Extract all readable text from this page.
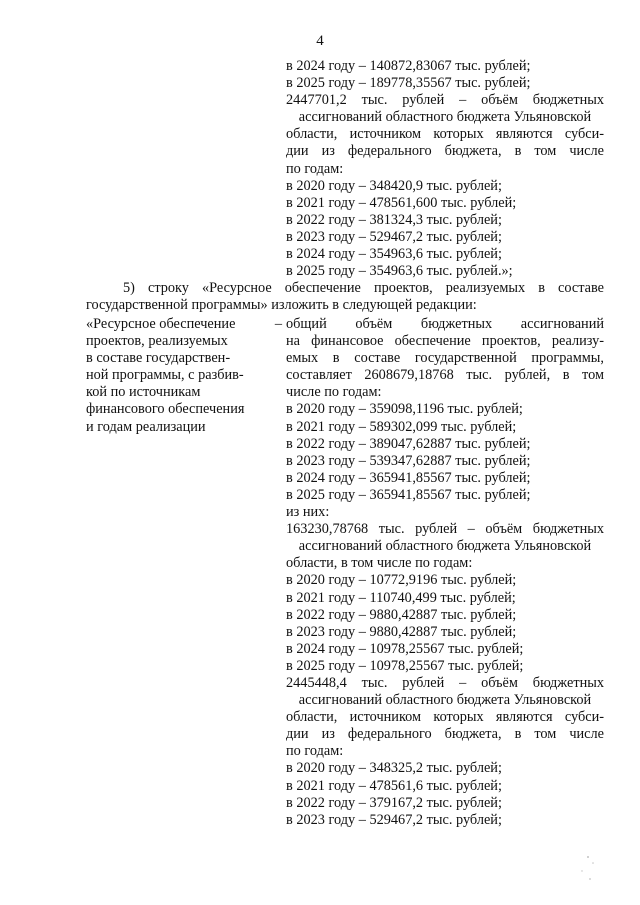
4
в 2024 году – 140872,83067 тыс. рублей;
в 2025 году – 189778,35567 тыс. рублей;
2447701,2 тыс. рублей – объём бюджетных
ассигнований областного бюджета Ульяновской
области, источником которых являются субси-
дии из федерального бюджета, в том числе
по годам:
в 2020 году – 348420,9 тыс. рублей;
в 2021 году – 478561,600 тыс. рублей;
в 2022 году – 381324,3 тыс. рублей;
в 2023 году – 529467,2 тыс. рублей;
в 2024 году – 354963,6 тыс. рублей;
в 2025 году – 354963,6 тыс. рублей.»;
5) строку «Ресурсное обеспечение проектов, реализуемых в составе
государственной программы» изложить в следующей редакции:
«Ресурсное обеспечение
проектов, реализуемых
в составе государствен-
ной программы, с разбив-
кой по источникам
финансового обеспечения
и годам реализации
– общий объём бюджетных ассигнований
на финансовое обеспечение проектов, реализу-
емых в составе государственной программы,
составляет 2608679,18768 тыс. рублей, в том
числе по годам:
в 2020 году – 359098,1196 тыс. рублей;
в 2021 году – 589302,099 тыс. рублей;
в 2022 году – 389047,62887 тыс. рублей;
в 2023 году – 539347,62887 тыс. рублей;
в 2024 году – 365941,85567 тыс. рублей;
в 2025 году – 365941,85567 тыс. рублей;
из них:
163230,78768 тыс. рублей – объём бюджетных
ассигнований областного бюджета Ульяновской
области, в том числе по годам:
в 2020 году – 10772,9196 тыс. рублей;
в 2021 году – 110740,499 тыс. рублей;
в 2022 году – 9880,42887 тыс. рублей;
в 2023 году – 9880,42887 тыс. рублей;
в 2024 году – 10978,25567 тыс. рублей;
в 2025 году – 10978,25567 тыс. рублей;
2445448,4 тыс. рублей – объём бюджетных
ассигнований областного бюджета Ульяновской
области, источником которых являются субси-
дии из федерального бюджета, в том числе
по годам:
в 2020 году – 348325,2 тыс. рублей;
в 2021 году – 478561,6 тыс. рублей;
в 2022 году – 379167,2 тыс. рублей;
в 2023 году – 529467,2 тыс. рублей;
